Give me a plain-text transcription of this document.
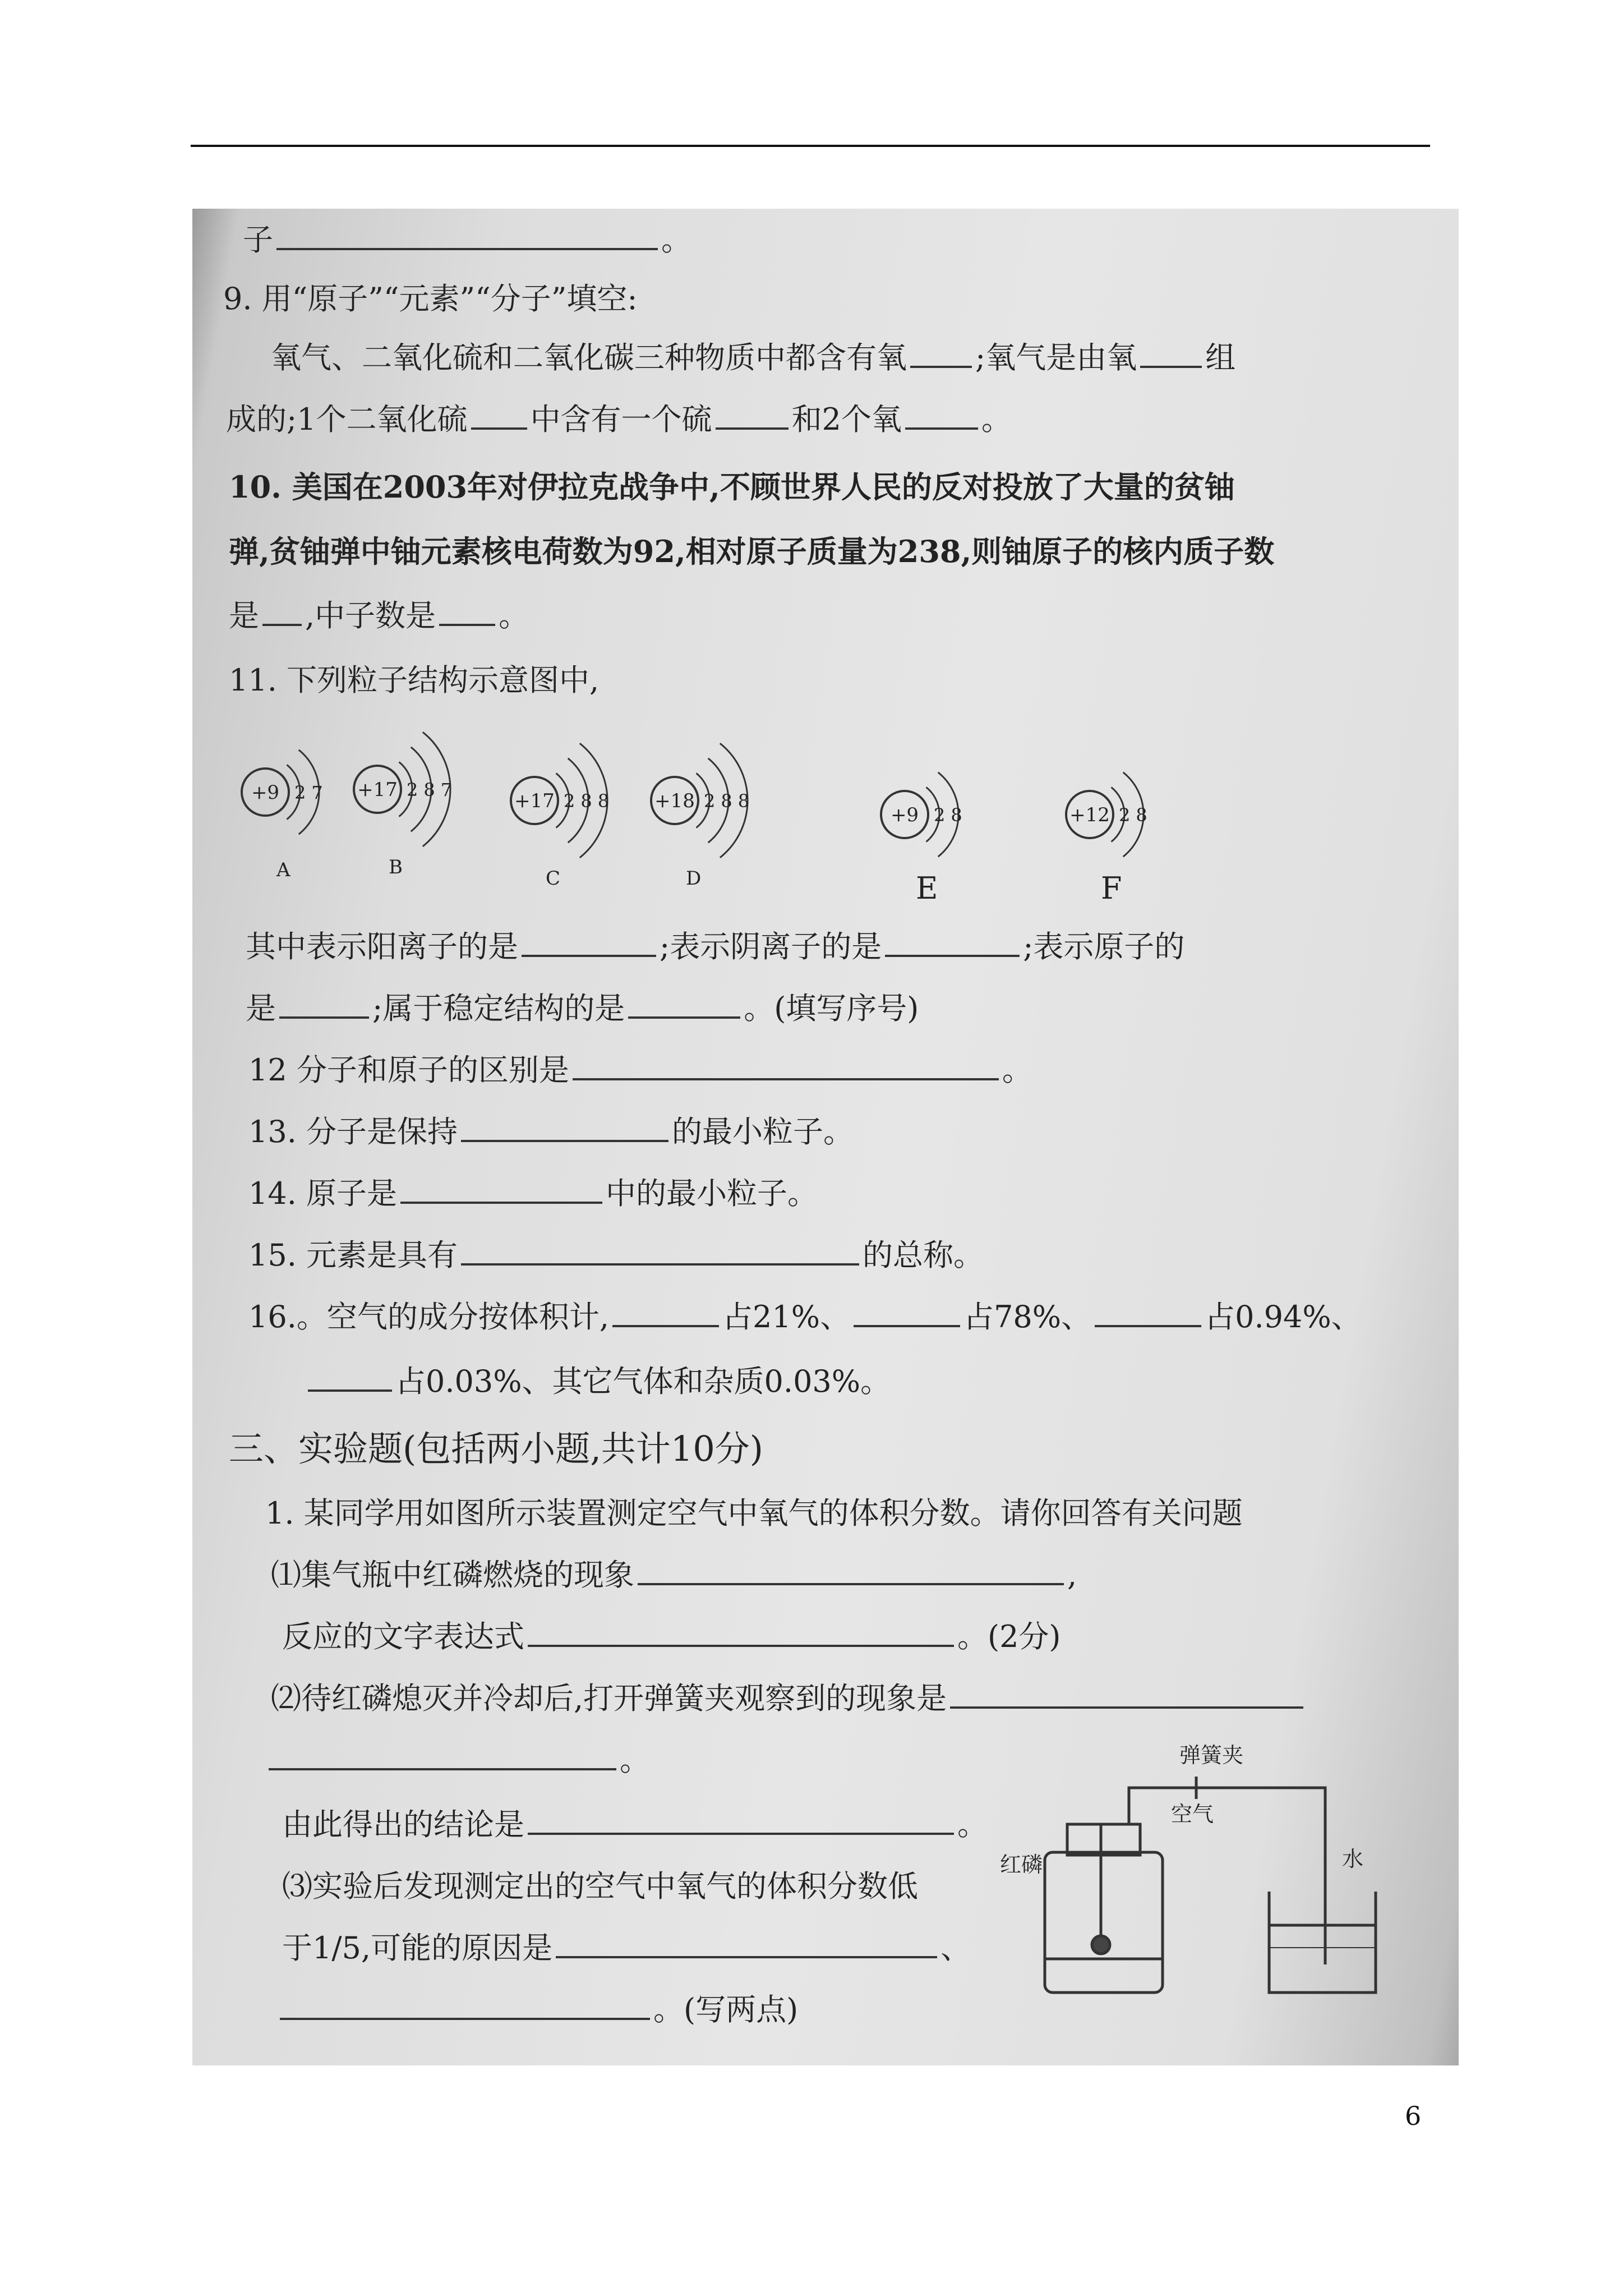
子	。
9. 用“原子”“元素”“分子”填空:
氧气、二氧化硫和二氧化碳三种物质中都含有氧 ;氧气是由氧 组
成的;1个二氧化硫 中含有一个硫	和2个氧	。
10. 美国在2003年对伊拉克战争中,不顾世界人民的反对投放了大量的贫铀
弹,贫铀弹中铀元素核电荷数为92,相对原子质量为238,则铀原子的核内质子数
是 ,中子数是 。
11. 下列粒子结构示意图中,
+9 27
A
+17 287
B
+17 288
C
+18 288
D
+9 28
E
+12 28
F
弹簧夹
空气
红磷	水
其中表示阳离子的是	;表示阴离子的是	;表示原子的
是	;属于稳定结构的是	。(填写序号)
12 分子和原子的区别是	。
13. 分子是保持	的最小粒子。
14. 原子是	中的最小粒子。
15. 元素是具有	的总称。
16.。空气的成分按体积计,	占21%、	占78%、	占0.94%、
占0.03%、其它气体和杂质0.03%。
三、实验题(包括两小题,共计10分)
1. 某同学用如图所示装置测定空气中氧气的体积分数。请你回答有关问题
⑴集气瓶中红磷燃烧的现象	,
反应的文字表达式	。(2分)
⑵待红磷熄灭并冷却后,打开弹簧夹观察到的现象是
。
由此得出的结论是	。
⑶实验后发现测定出的空气中氧气的体积分数低
于1/5,可能的原因是	、
。(写两点)
6
